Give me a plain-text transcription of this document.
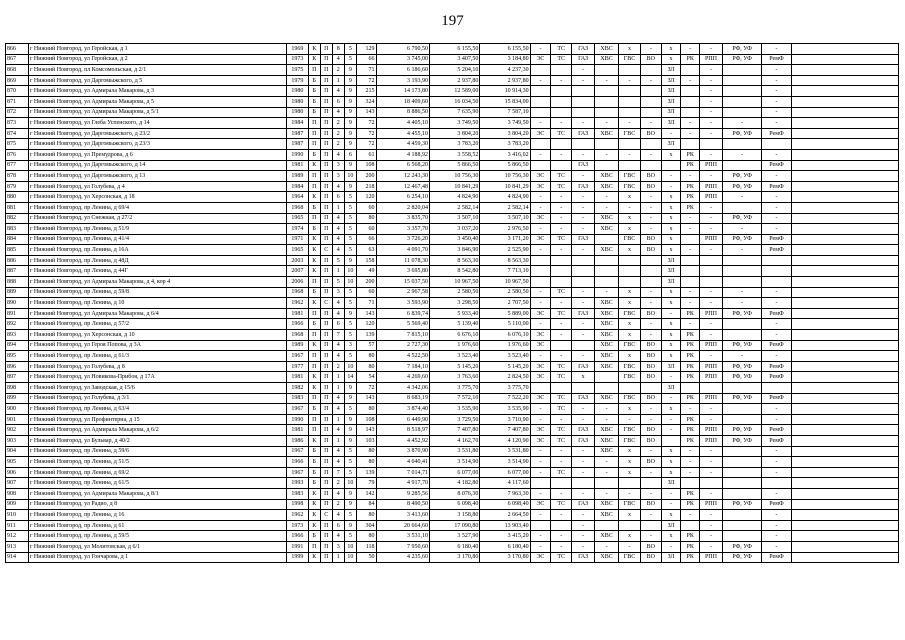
197
866	г Нижний Новгород, ул Геройская, д 1	1969	К	П	8	5	129	6 790,50	6 155,50	6 155,50	-	ТС	ГАЗ	ХВС	х	-	х	-	-	РФ, УФ	-	
867	г Нижний Новгород, ул Геройская, д 2	1973	К	П	4	5	66	3 745,00	3 407,50	3 184,80	ЭС	ТС	ГАЗ	ХВС	ГВС	ВО	х	РК	РПП	РФ, УФ	РемФ	
868	г Нижний Новгород, пл Комсомольская, д 2/1	1975	П	П	2	9	71	6 186,60	5 204,10	4 237,30			-				ЗЛ		-		-	
869	г Нижний Новгород, ул Даргомыжского, д 5	1979	Б	П	1	9	72	3 193,90	2 937,80	2 937,80	-	-	-	-	-	-	ЗЛ	-	-		-	
870	г Нижний Новгород, ул Адмирала Макарова, д 3	1980	Б	П	4	9	215	14 173,80	12 589,00	10 914,30							ЗЛ		-		-	
871	г Нижний Новгород, ул Адмирала Макарова, д 5	1980	Б	П	6	9	324	18 409,60	16 034,50	15 834,00							ЗЛ		-		-	
872	г Нижний Новгород, ул Адмирала Макарова, д 5/1	1980	Б	П	4	9	143	8 886,50	7 635,90	7 587,10							ЗЛ		-		-	
873	г Нижний Новгород, ул Глеба Успенского, д 14	1984	П	П	2	9	72	4 405,10	3 749,50	3 749,50	-	-	-	-	-	-	ЗЛ	-	-	-	-	
874	г Нижний Новгород, ул Даргомыжского, д 23/2	1987	П	П	2	9	72	4 455,10	3 804,20	3 804,20	ЭС	ТС	ГАЗ	ХВС	ГВС	ВО	-	-	-	РФ, УФ	РемФ	
875	г Нижний Новгород, ул Даргомыжского, д 23/3	1987	П	П	2	9	72	4 459,30	3 783,20	3 783,20							ЗЛ					
876	г Нижний Новгород, ул Премудрова, д 6	1990	Б	П	4	6	61	4 188,92	3 558,52	3 416,02	-	-	-	-	-	-	х	РК	-	-	-	
877	г Нижний Новгород, ул Даргомыжского, д 14	1981	К	П	3	9	108	6 568,20	5 866,50	5 866,50			ГАЗ					РК	РПП		РемФ	
878	г Нижний Новгород, ул Даргомыжского, д 13	1989	П	П	3	10	200	12 243,30	10 756,30	10 756,30	ЭС	ТС	-	ХВС	ГВС	ВО	-	-	-	РФ, УФ	-	
879	г Нижний Новгород, ул Голубева, д 4	1984	П	П	4	9	218	12 467,48	10 841,29	10 841,29	ЭС	ТС	ГАЗ	ХВС	ГВС	ВО	-	РК	РПП	РФ, УФ	РемФ	
880	г Нижний Новгород, ул Херсонская, д 18	1964	К	П	6	5	120	6 254,10	4 824,90	4 824,90	-	-	-	-	х	-	х	РК	РПП	-	-	
881	г Нижний Новгород, пр Ленина, д 69/4	1968	Б	П	1	5	60	2 820,04	2 582,14	2 582,14	-	-	-	-	-	-	х	РК	-		-	
882	г Нижний Новгород, ул Снежная, д 27/2	1965	П	П	4	5	80	3 835,70	3 507,10	3 507,10	ЭС	-	-	ХВС	х	-	х	-	-	РФ, УФ	-	
883	г Нижний Новгород, пр Ленина, д 51/9	1974	Б	П	4	5	60	3 357,70	3 037,20	2 976,50	-	-	-	ХВС	х	-	х	-	-	-	-	
884	г Нижний Новгород, пр Ленина, д 41/4	1971	К	П	4	5	66	3 726,20	3 450,40	3 171,20	ЭС	ТС	ГАЗ		ГВС	ВО	х		РПП	РФ, УФ	РемФ	
885	г Нижний Новгород, пр Ленина, д 16А	1965	К	С	4	5	63	4 091,70	3 846,90	2 525,90	-	-	-	ХВС	х	ВО	х	-	-	-	РемФ	
886	г Нижний Новгород, пр Ленина, д 48Д	2003	К	П	5	9	158	11 078,30	8 563,30	8 563,30							ЗЛ					
887	г Нижний Новгород, пр Ленина, д 44Г	2007	К	П	1	10	49	3 695,80	8 542,80	7 713,10							ЗЛ					
888	г Нижний Новгород, ул Адмирала Макарова, д 4, кор 4	2006	П	П	5	10	200	15 037,50	10 967,50	10 967,50							ЗЛ					
889	г Нижний Новгород, пр Ленина, д 59/8	1968	Б	П	3	5	60	2 967,58	2 580,50	2 580,50	-	ТС	-	-	х	-	х	-	-	-	-	
890	г Нижний Новгород, пр Ленина, д 10	1962	К	С	4	5	71	3 593,90	3 298,50	2 707,50	-	-	-	ХВС	х	-	х	-	-	-	-	
891	г Нижний Новгород, ул Адмирала Макарова, д 6/4	1981	П	П	4	9	143	6 839,74	5 933,40	5 889,00	ЭС	ТС	ГАЗ	ХВС	ГВС	ВО	-	РК	РПП	РФ, УФ	РемФ	
892	г Нижний Новгород, пр Ленина, д 57/2	1966	Б	П	6	5	120	5 569,40	5 139,40	5 110,00	-	-	-	ХВС	х	-	х	-	-		-	
893	г Нижний Новгород, ул Херсонская, д 10	1968	П	П	7	5	139	7 815,10	6 676,10	6 076,10	ЭС	-	-	ХВС	х	-	х	РК	-		-	
894	г Нижний Новгород, ул Героя Попова, д 3А	1989	К	П	4	3	57	2 727,30	1 976,60	1 976,60	ЭС			ХВС	ГВС	ВО	х	РК	РПП	РФ, УФ	РемФ	
895	г Нижний Новгород, пр Ленина, д 61/3	1967	П	П	4	5	80	4 522,50	3 523,40	3 523,40	-	-	-	ХВС	х	ВО	х	РК	-	-	-	
896	г Нижний Новгород, ул Голубева, д 8	1977	П	П	2	10	80	7 184,10	5 145,20	5 145,20	ЭС	ТС	ГАЗ	ХВС	ГВС	ВО	ЗЛ	РК	РПП	РФ, УФ	РемФ	
897	г Нижний Новгород, ул Новикова-Прибоя, д 17А	1981	К	П	1	14	54	4 269,60	3 763,60	2 824,50	ЭС	ТС	х		ГВС	ВО	-	РК	РПП	РФ, УФ	РемФ	
898	г Нижний Новгород, ул Заводская, д 15/6	1982	К	П	1	9	72	4 342,06	3 775,70	3 775,70							ЗЛ					
899	г Нижний Новгород, ул Голубева, д 3/1	1983	П	П	4	9	143	8 683,19	7 572,10	7 522,20	ЭС	ТС	ГАЗ	ХВС	ГВС	ВО	-	РК	РПП	РФ, УФ	РемФ	
900	г Нижний Новгород, пр Ленина, д 63/4	1967	Б	П	4	5	80	3 874,40	3 535,90	3 535,90	-	ТС	-	-	х	-	х	-	-		-	
901	г Нижний Новгород, ул Профинтерна, д 15	1990	П	П	1	9	108	6 449,90	3 729,50	3 710,90	-	-	-	-	-	-	-	РК	-		-	
902	г Нижний Новгород, ул Адмирала Макарова, д 6/2	1981	П	П	4	9	143	8 518,97	7 407,80	7 407,80	ЭС	ТС	ГАЗ	ХВС	ГВС	ВО	-	РК	РПП	РФ, УФ	РемФ	
903	г Нижний Новгород, ул Бульвар, д 40/2	1986	К	П	1	9	103	4 452,92	4 162,70	4 120,90	ЭС	ТС	ГАЗ	ХВС	ГВС	ВО		РК	РПП	РФ, УФ	РемФ	
904	г Нижний Новгород, пр Ленина, д 59/6	1967	Б	П	4	5	80	3 870,90	3 531,80	3 531,80	-	-	-	ХВС	х	-	х	-	-		-	
905	г Нижний Новгород, пр Ленина, д 51/5	1966	Б	П	4	5	80	4 040,41	3 514,90	3 514,90	-	-	-	-	х	ВО	х	-	-		-	
906	г Нижний Новгород, пр Ленина, д 69/2	1967	Б	П	7	5	139	7 014,71	6 077,00	6 077,00	-	ТС	-	-	х	-	х	-	-		-	
907	г Нижний Новгород, пр Ленина, д 61/5	1993	Б	П	2	10	79	4 917,70	4 182,80	4 117,60							ЗЛ					
908	г Нижний Новгород, ул Адмирала Макарова, д 8/1	1983	К	П	4	9	142	9 285,56	8 076,30	7 963,30	-	-	-	-	-	-	-	РК	-		-	
909	г Нижний Новгород, ул Радио, д 8	1998	К	П	2	9	84	8 490,50	6 098,40	6 098,40	ЭС	ТС	ГАЗ	ХВС	ГВС	ВО	-	РК	РПП	РФ, УФ	РемФ	
910	г Нижний Новгород, пр Ленина, д 16	1962	К	С	4	5	80	3 413,60	3 158,80	2 664,50	-	-	-	ХВС	х	-	х	-	-		-	
911	г Нижний Новгород, пр Ленина, д 61	1973	К	П	6	9	304	20 664,60	17 090,80	13 903,40			-				ЗЛ		-		-	
912	г Нижний Новгород, пр Ленина, д 59/5	1966	Б	П	4	5	80	3 531,10	3 527,90	3 415,20	-	-	-	ХВС	х	-	х	РК	-		-	
913	г Нижний Новгород, ул Молитовская, д 6/1	1991	П	П	3	10	118	7 950,60	6 180,40	6 180,40	-	-	-	-	-	ВО	-	РК	-	РФ, УФ	-	
914	г Нижний Новгород, ул Гончарова, д 1	1999	К	П	1	10	50	4 235,60	3 170,80	3 170,80	ЭС	ТС	ГАЗ	ХВС	ГВС	ВО	ЗЛ	РК	РПП	РФ, УФ	РемФ	
